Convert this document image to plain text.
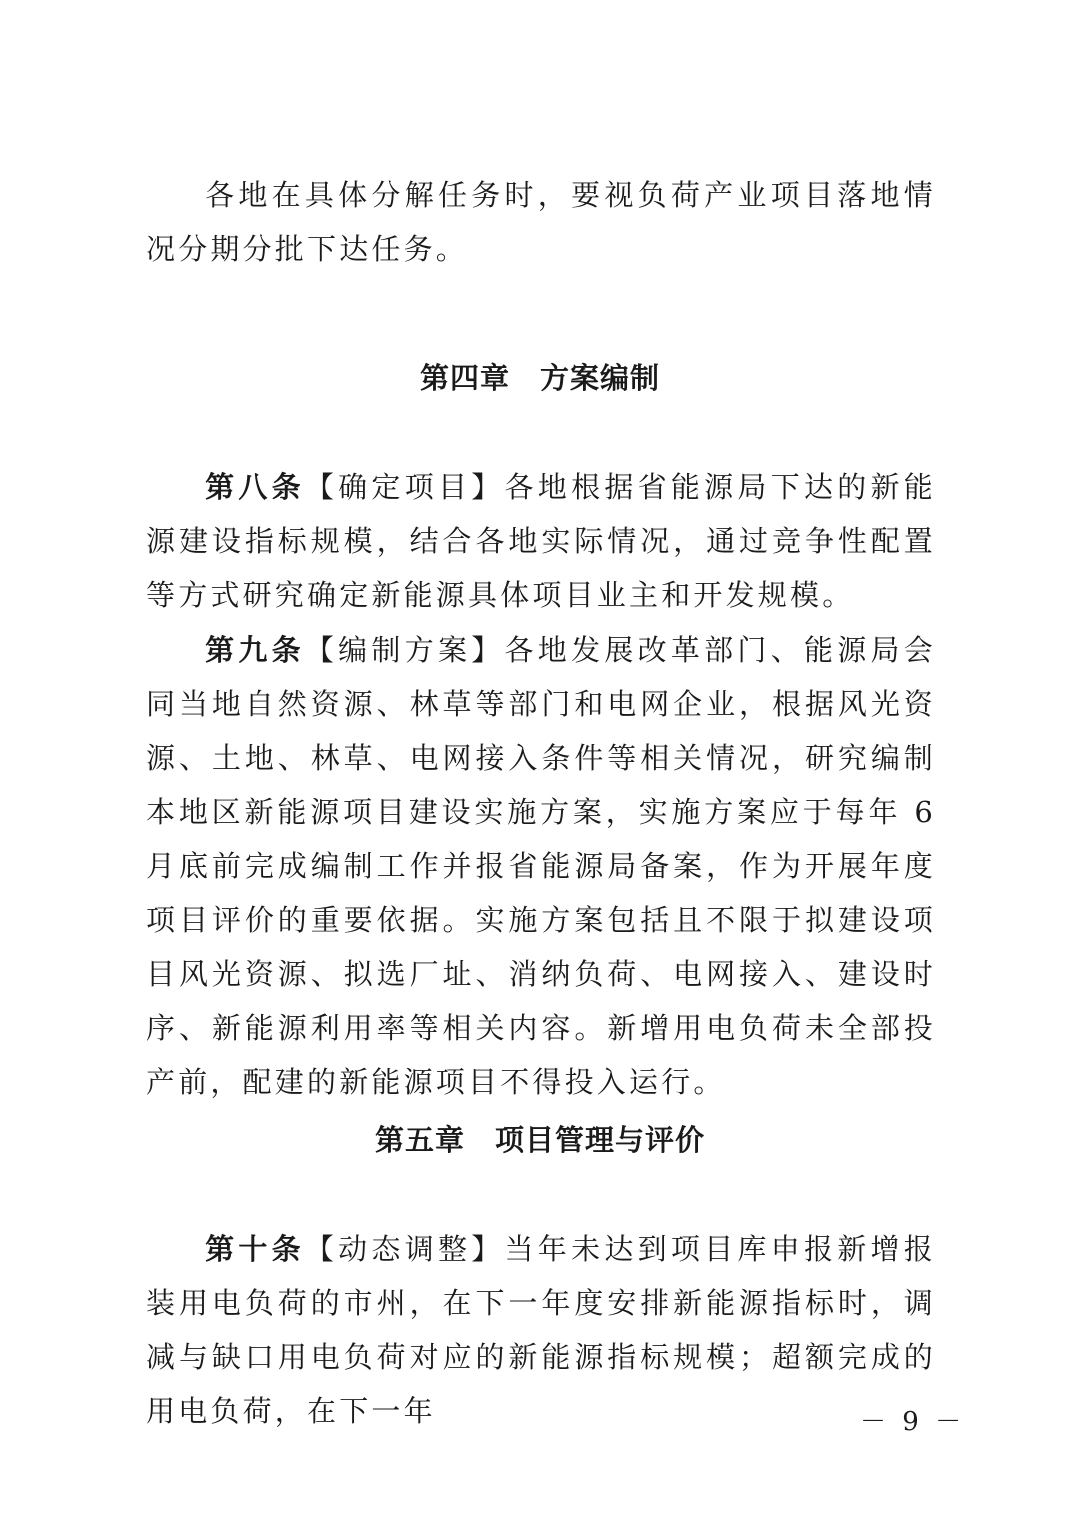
各地在具体分解任务时，要视负荷产业项目落地情况分期分批下达任务。

第四章 方案编制

第八条【确定项目】各地根据省能源局下达的新能源建设指标规模，结合各地实际情况，通过竞争性配置等方式研究确定新能源具体项目业主和开发规模。

第九条【编制方案】各地发展改革部门、能源局会同当地自然资源、林草等部门和电网企业，根据风光资源、土地、林草、电网接入条件等相关情况，研究编制本地区新能源项目建设实施方案，实施方案应于每年 6 月底前完成编制工作并报省能源局备案，作为开展年度项目评价的重要依据。实施方案包括且不限于拟建设项目风光资源、拟选厂址、消纳负荷、电网接入、建设时序、新能源利用率等相关内容。新增用电负荷未全部投产前，配建的新能源项目不得投入运行。

第五章 项目管理与评价

第十条【动态调整】当年未达到项目库申报新增报装用电负荷的市州，在下一年度安排新能源指标时，调减与缺口用电负荷对应的新能源指标规模；超额完成的用电负荷，在下一年	－ 9 －
